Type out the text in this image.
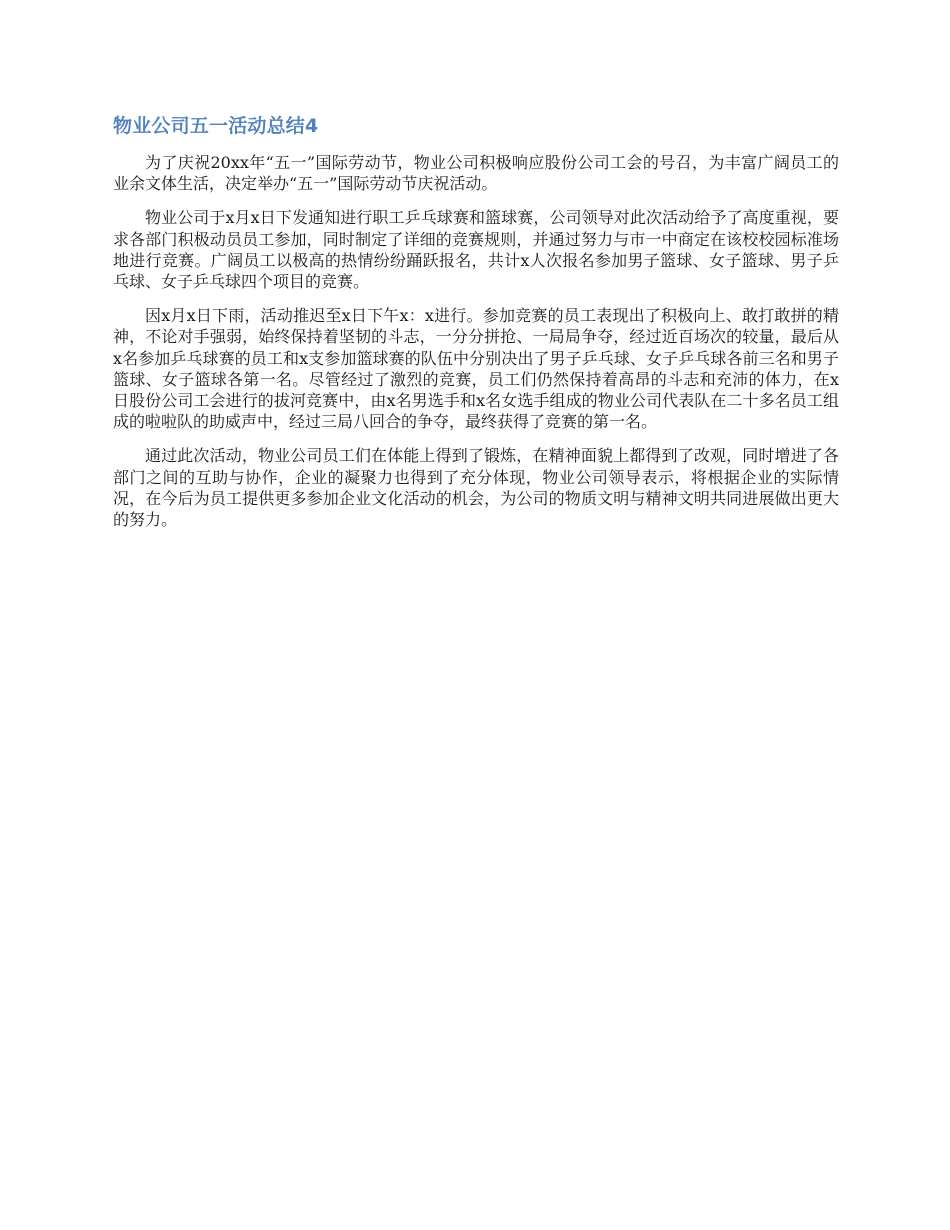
物业公司五一活动总结4

为了庆祝20xx年“五一”国际劳动节，物业公司积极响应股份公司工会的号召，为丰富广阔员工的业余文体生活，决定举办“五一”国际劳动节庆祝活动。

物业公司于x月x日下发通知进行职工乒乓球赛和篮球赛，公司领导对此次活动给予了高度重视，要求各部门积极动员员工参加，同时制定了详细的竞赛规则，并通过努力与市一中商定在该校校园标准场地进行竞赛。广阔员工以极高的热情纷纷踊跃报名，共计x人次报名参加男子篮球、女子篮球、男子乒乓球、女子乒乓球四个项目的竞赛。

因x月x日下雨，活动推迟至x日下午x：x进行。参加竞赛的员工表现出了积极向上、敢打敢拼的精神，不论对手强弱，始终保持着坚韧的斗志，一分分拼抢、一局局争夺，经过近百场次的较量，最后从x名参加乒乓球赛的员工和x支参加篮球赛的队伍中分别决出了男子乒乓球、女子乒乓球各前三名和男子篮球、女子篮球各第一名。尽管经过了激烈的竞赛，员工们仍然保持着高昂的斗志和充沛的体力，在x日股份公司工会进行的拔河竞赛中，由x名男选手和x名女选手组成的物业公司代表队在二十多名员工组成的啦啦队的助威声中，经过三局八回合的争夺，最终获得了竞赛的第一名。

通过此次活动，物业公司员工们在体能上得到了锻炼，在精神面貌上都得到了改观，同时增进了各部门之间的互助与协作，企业的凝聚力也得到了充分体现，物业公司领导表示，将根据企业的实际情况，在今后为员工提供更多参加企业文化活动的机会，为公司的物质文明与精神文明共同进展做出更大的努力。
